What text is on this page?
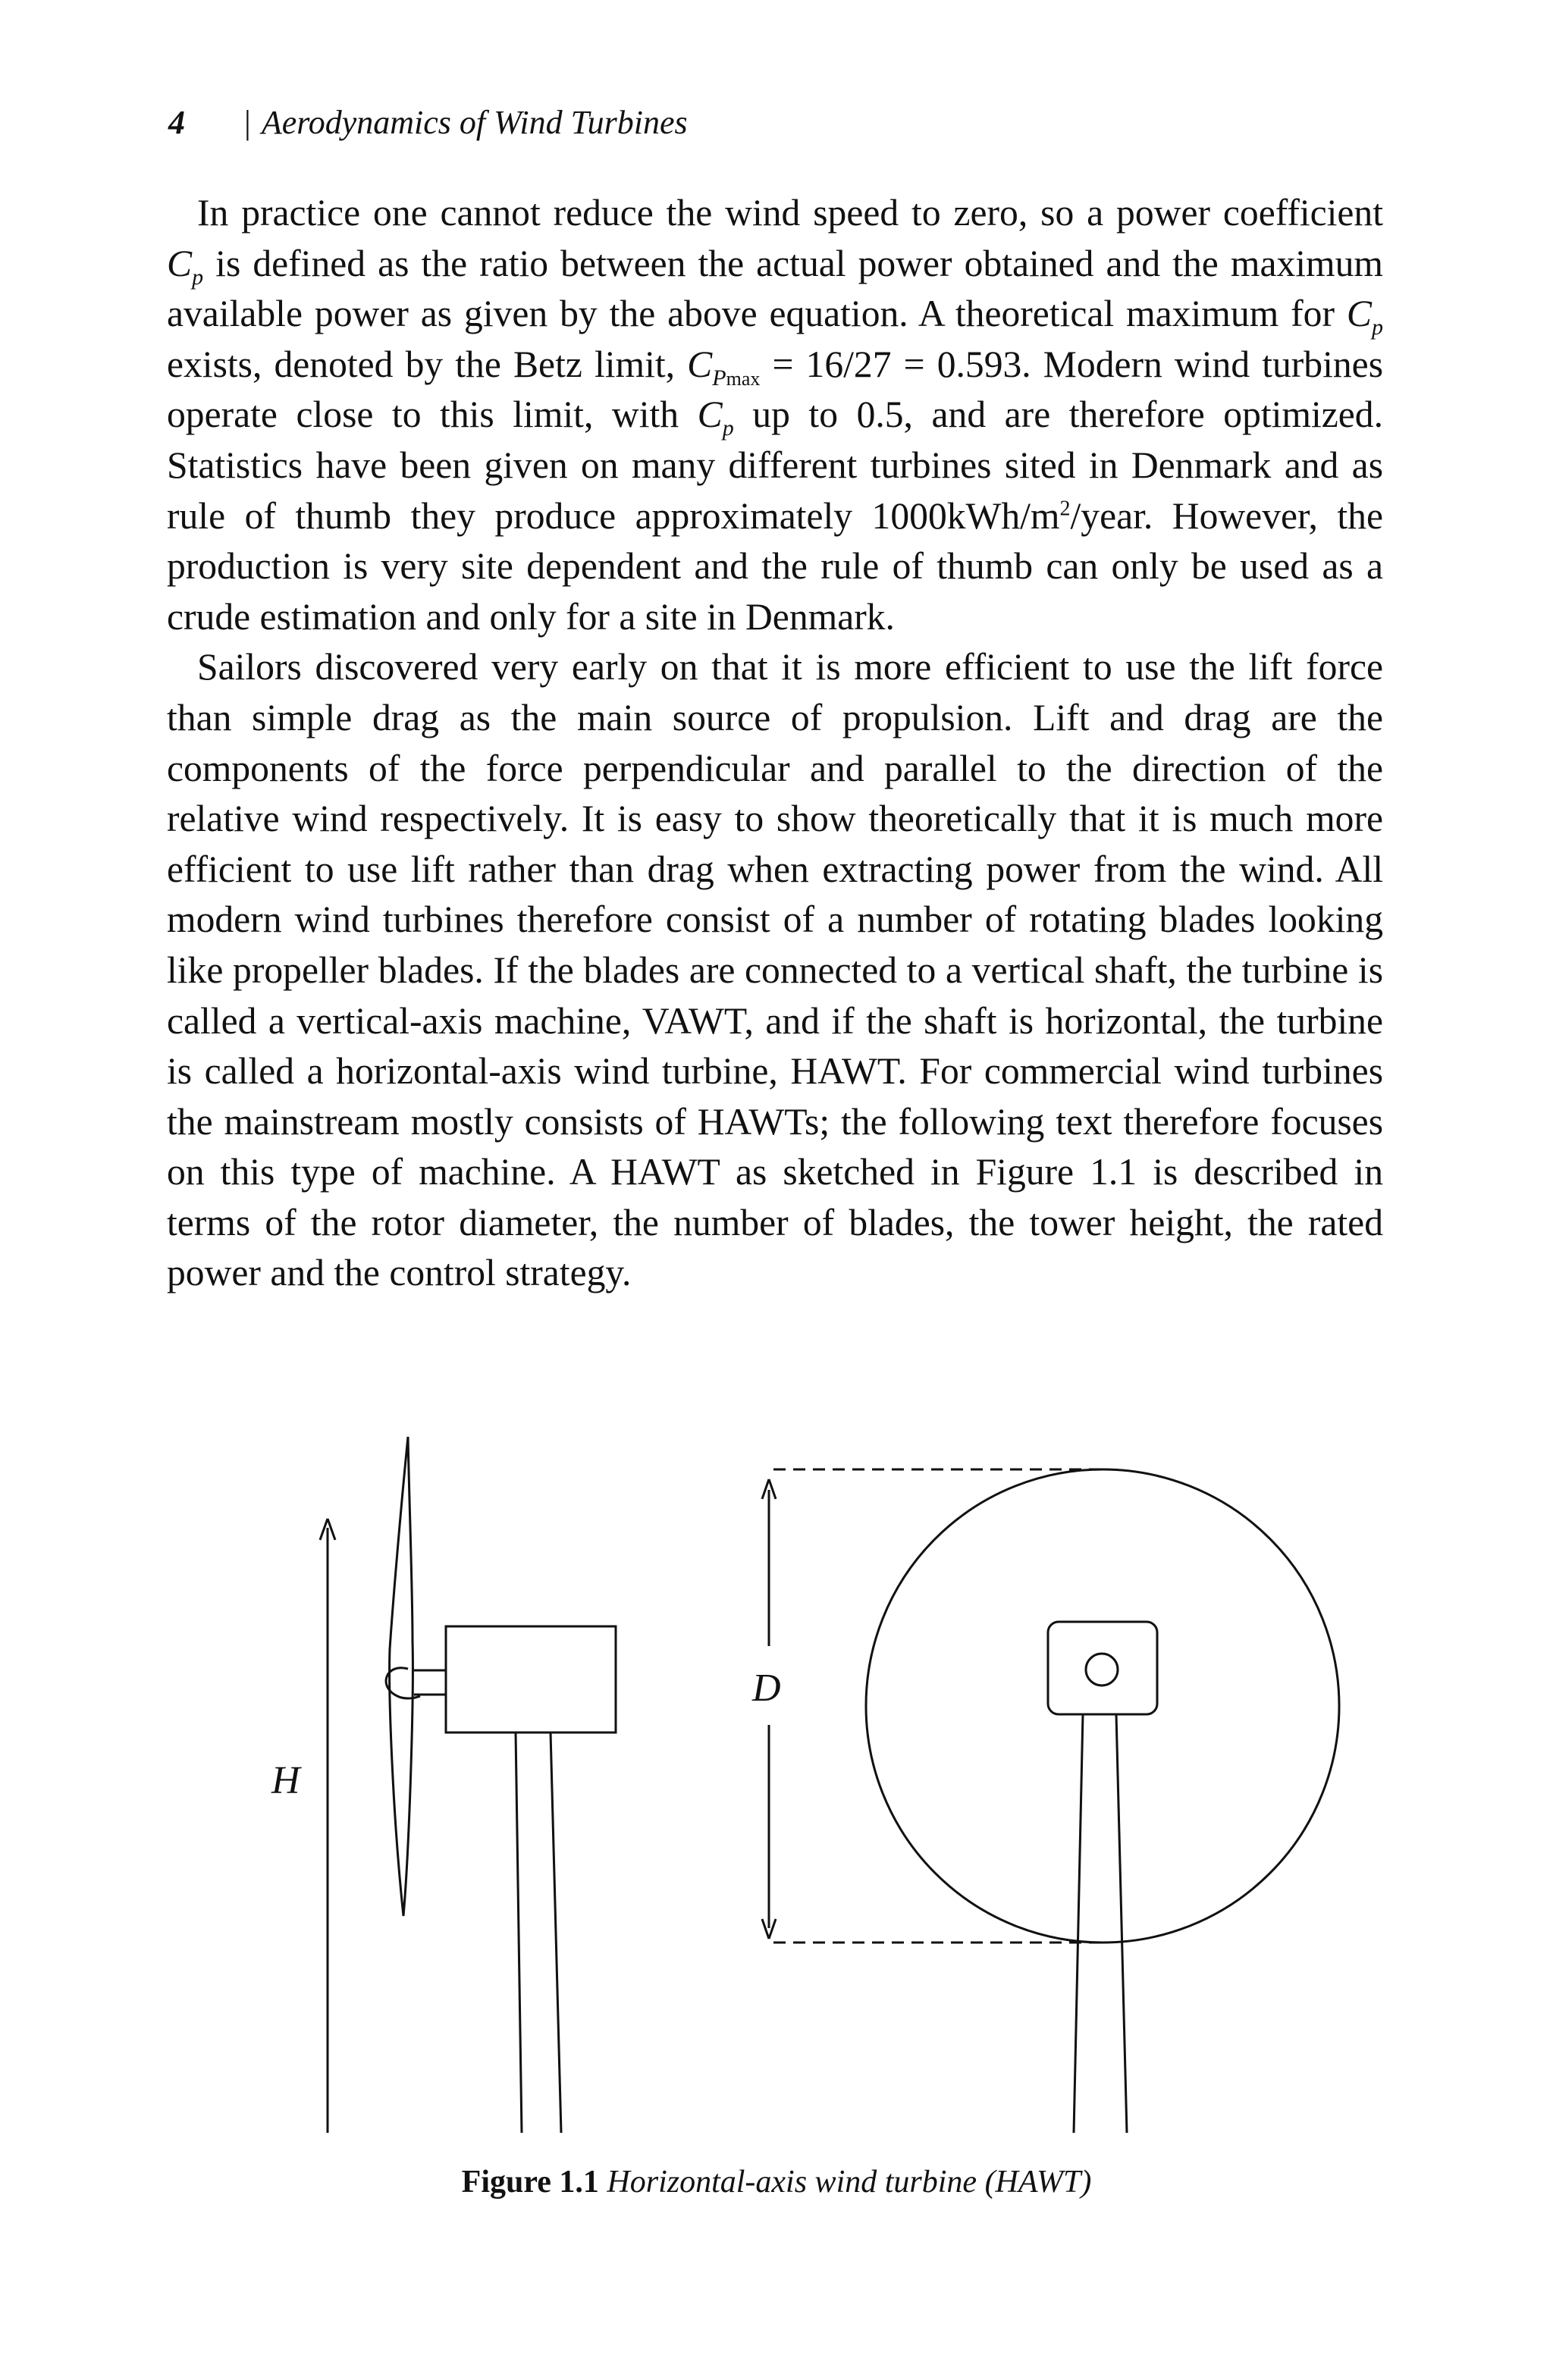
4 | Aerodynamics of Wind Turbines

In practice one cannot reduce the wind speed to zero, so a power coefficient $C_p$ is defined as the ratio between the actual power obtained and the maximum available power as given by the above equation. A theoretical maximum for $C_p$ exists, denoted by the Betz limit, $C_{Pmax} = 16/27 = 0.593$. Modern wind turbines operate close to this limit, with $C_p$ up to 0.5, and are therefore optimized. Statistics have been given on many different turbines sited in Denmark and as rule of thumb they produce approximately $1000kWh/m^2$/year. However, the production is very site dependent and the rule of thumb can only be used as a crude estimation and only for a site in Denmark.

Sailors discovered very early on that it is more efficient to use the lift force than simple drag as the main source of propulsion. Lift and drag are the components of the force perpendicular and parallel to the direction of the relative wind respectively. It is easy to show theoretically that it is much more efficient to use lift rather than drag when extracting power from the wind. All modern wind turbines therefore consist of a number of rotating blades looking like propeller blades. If the blades are connected to a vertical shaft, the turbine is called a vertical-axis machine, VAWT, and if the shaft is horizontal, the turbine is called a horizontal-axis wind turbine, HAWT. For commercial wind turbines the mainstream mostly consists of HAWTs; the following text therefore focuses on this type of machine. A HAWT as sketched in Figure 1.1 is described in terms of the rotor diameter, the number of blades, the tower height, the rated power and the control strategy.

H
D
Figure 1.1 Horizontal-axis wind turbine (HAWT)
